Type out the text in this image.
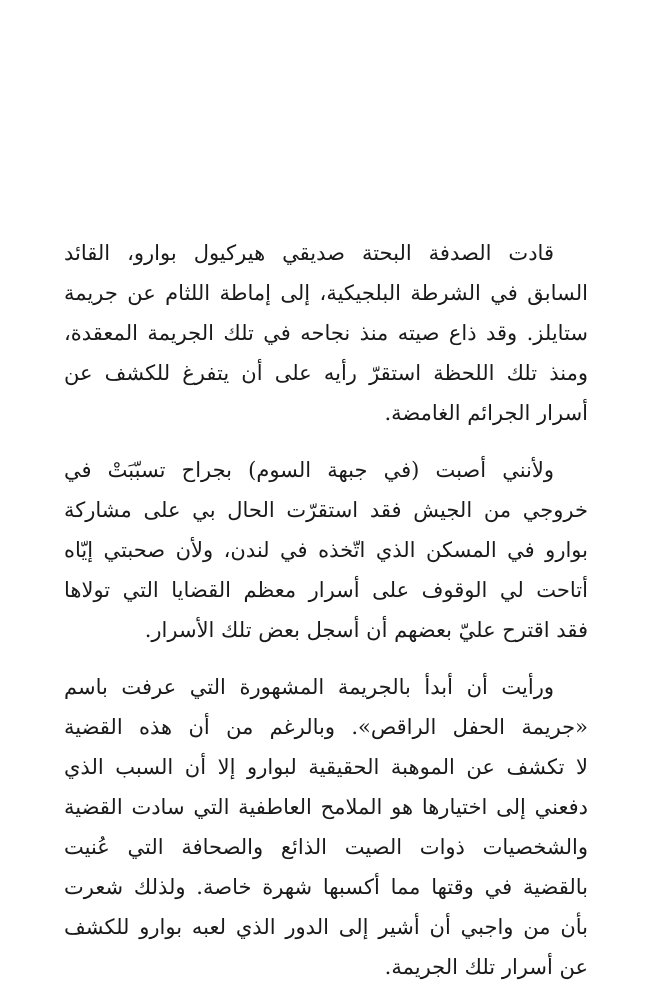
قادت الصدفة البحتة صديقي هيركيول بوارو، القائد
السابق في الشرطة البلجيكية، إلى إماطة اللثام عن جريمة
ستايلز. وقد ذاع صيته منذ نجاحه في تلك الجريمة المعقدة،
ومنذ تلك اللحظة استقرّ رأيه على أن يتفرغ للكشف عن
أسرار الجرائم الغامضة.
ولأنني أصبت (في جبهة السوم) بجراح تسبّبَتْ في
خروجي من الجيش فقد استقرّت الحال بي على مشاركة
بوارو في المسكن الذي اتّخذه في لندن، ولأن صحبتي إيّاه
أتاحت لي الوقوف على أسرار معظم القضايا التي تولاها
فقد اقترح عليّ بعضهم أن أسجل بعض تلك الأسرار.
ورأيت أن أبدأ بالجريمة المشهورة التي عرفت باسم
«جريمة الحفل الراقص». وبالرغم من أن هذه القضية
لا تكشف عن الموهبة الحقيقية لبوارو إلا أن السبب الذي
دفعني إلى اختيارها هو الملامح العاطفية التي سادت القضية
والشخصيات ذوات الصيت الذائع والصحافة التي عُنيت
بالقضية في وقتها مما أكسبها شهرة خاصة. ولذلك شعرت
بأن من واجبي أن أشير إلى الدور الذي لعبه بوارو للكشف
عن أسرار تلك الجريمة.
